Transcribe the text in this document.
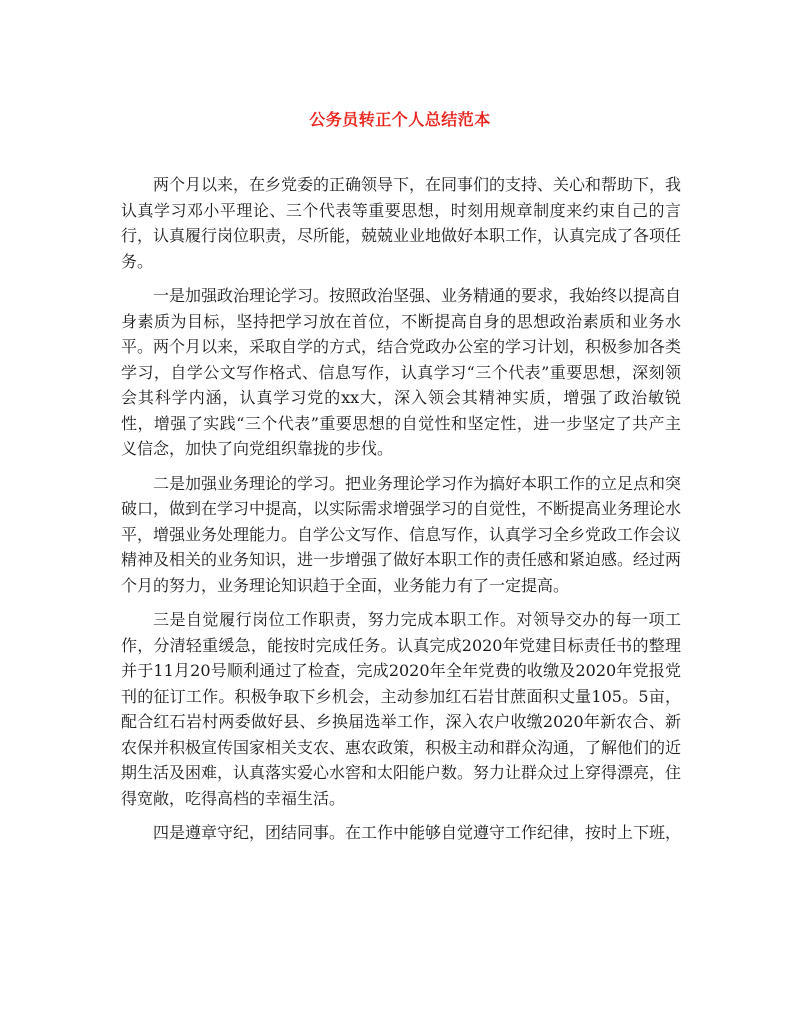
公务员转正个人总结范本

两个月以来，在乡党委的正确领导下，在同事们的支持、关心和帮助下，我认真学习邓小平理论、三个代表等重要思想，时刻用规章制度来约束自己的言行，认真履行岗位职责，尽所能，兢兢业业地做好本职工作，认真完成了各项任务。

一是加强政治理论学习。按照政治坚强、业务精通的要求，我始终以提高自身素质为目标，坚持把学习放在首位，不断提高自身的思想政治素质和业务水平。两个月以来，采取自学的方式，结合党政办公室的学习计划，积极参加各类学习，自学公文写作格式、信息写作，认真学习“三个代表”重要思想，深刻领会其科学内涵，认真学习党的xx大，深入领会其精神实质，增强了政治敏锐性，增强了实践“三个代表”重要思想的自觉性和坚定性，进一步坚定了共产主义信念，加快了向党组织靠拢的步伐。

二是加强业务理论的学习。把业务理论学习作为搞好本职工作的立足点和突破口，做到在学习中提高，以实际需求增强学习的自觉性，不断提高业务理论水平，增强业务处理能力。自学公文写作、信息写作，认真学习全乡党政工作会议精神及相关的业务知识，进一步增强了做好本职工作的责任感和紧迫感。经过两个月的努力，业务理论知识趋于全面，业务能力有了一定提高。

三是自觉履行岗位工作职责，努力完成本职工作。对领导交办的每一项工作，分清轻重缓急，能按时完成任务。认真完成2020年党建目标责任书的整理并于11月20号顺利通过了检查，完成2020年全年党费的收缴及2020年党报党刊的征订工作。积极争取下乡机会，主动参加红石岩甘蔗面积丈量105。5亩，配合红石岩村两委做好县、乡换届选举工作，深入农户收缴2020年新农合、新农保并积极宣传国家相关支农、惠农政策，积极主动和群众沟通，了解他们的近期生活及困难，认真落实爱心水窖和太阳能户数。努力让群众过上穿得漂亮，住得宽敞，吃得高档的幸福生活。

四是遵章守纪，团结同事。在工作中能够自觉遵守工作纪律，按时上下班，
